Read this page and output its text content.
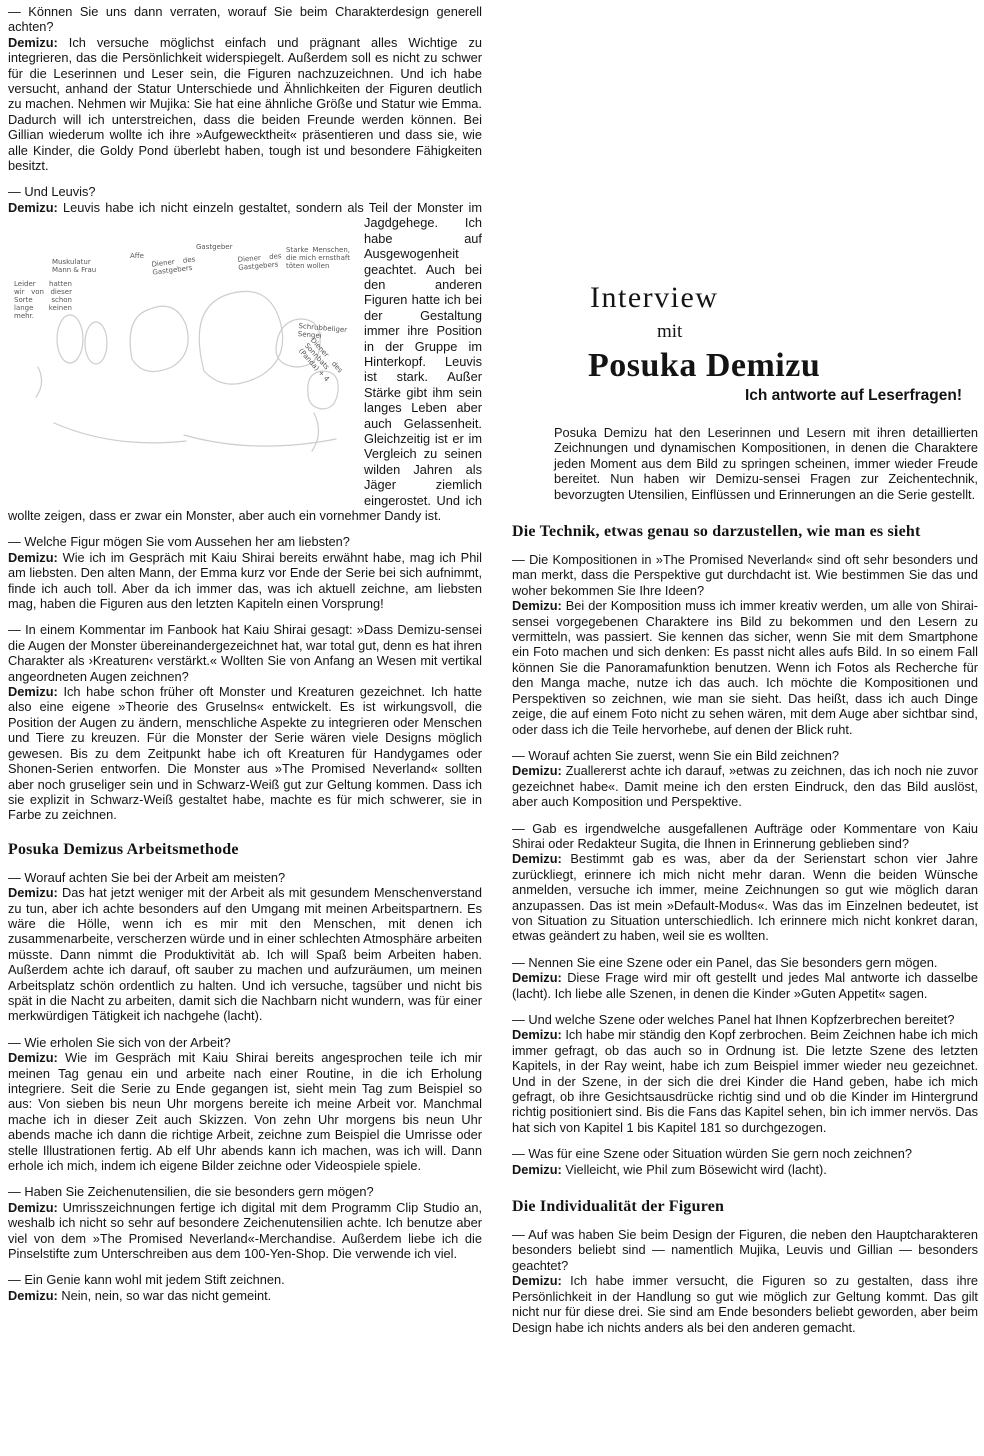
— Können Sie uns dann verraten, worauf Sie beim Charakterdesign generell achten?

Demizu: Ich versuche möglichst einfach und prägnant alles Wichtige zu integrieren, das die Persönlichkeit widerspiegelt. Außerdem soll es nicht zu schwer für die Leserinnen und Leser sein, die Figuren nachzuzeichnen. Und ich habe versucht, anhand der Statur Unterschiede und Ähnlichkeiten der Figuren deutlich zu machen. Nehmen wir Mujika: Sie hat eine ähnliche Größe und Statur wie Emma. Dadurch will ich unterstreichen, dass die beiden Freunde werden können. Bei Gillian wiederum wollte ich ihre »Aufgewecktheit« präsentieren und dass sie, wie alle Kinder, die Goldy Pond überlebt haben, tough ist und besondere Fähigkeiten besitzt.

— Und Leuvis?

Demizu: Leuvis habe ich nicht einzeln gestaltet, sondern als Teil der Monster
Leider hatten wir von dieser Sorte schon lange keinen mehr.
Muskulatur Mann & Frau
Affe	Diener des Gastgebers
Gastgeber
Diener des Gastgebers
Starke Menschen, die mich ernsthaft töten wollen
Schrubbeliger Sengei
Diener des Sonnbats (Panda) + 4
im Jagdgehege. Ich habe auf Ausgewogenheit geachtet. Auch bei den anderen Figuren hatte ich bei der Gestaltung immer ihre Position in der Gruppe im Hinterkopf. Leuvis ist stark. Außer Stärke gibt ihm sein langes Leben aber auch Gelassenheit. Gleichzeitig ist er im Vergleich zu seinen wilden Jahren als Jäger ziemlich eingerostet. Und ich wollte zeigen, dass er zwar ein Monster, aber auch ein vornehmer Dandy ist.

— Welche Figur mögen Sie vom Aussehen her am liebsten?

Demizu: Wie ich im Gespräch mit Kaiu Shirai bereits erwähnt habe, mag ich Phil am liebsten. Den alten Mann, der Emma kurz vor Ende der Serie bei sich aufnimmt, finde ich auch toll. Aber da ich immer das, was ich aktuell zeichne, am liebsten mag, haben die Figuren aus den letzten Kapiteln einen Vorsprung!

— In einem Kommentar im Fanbook hat Kaiu Shirai gesagt: »Dass Demizu-sensei die Augen der Monster übereinandergezeichnet hat, war total gut, denn es hat ihren Charakter als ›Kreaturen‹ verstärkt.« Wollten Sie von Anfang an Wesen mit vertikal angeordneten Augen zeichnen?

Demizu: Ich habe schon früher oft Monster und Kreaturen gezeichnet. Ich hatte also eine eigene »Theorie des Gruselns« entwickelt. Es ist wirkungsvoll, die Position der Augen zu ändern, menschliche Aspekte zu integrieren oder Menschen und Tiere zu kreuzen. Für die Monster der Serie wären viele Designs möglich gewesen. Bis zu dem Zeitpunkt habe ich oft Kreaturen für Handygames oder Shonen-Serien entworfen. Die Monster aus »The Promised Neverland« sollten aber noch gruseliger sein und in Schwarz-Weiß gut zur Geltung kommen. Dass ich sie explizit in Schwarz-Weiß gestaltet habe, machte es für mich schwerer, sie in Farbe zu zeichnen.

Posuka Demizus Arbeitsmethode

— Worauf achten Sie bei der Arbeit am meisten?

Demizu: Das hat jetzt weniger mit der Arbeit als mit gesundem Menschenverstand zu tun, aber ich achte besonders auf den Umgang mit meinen Arbeitspartnern. Es wäre die Hölle, wenn ich es mir mit den Menschen, mit denen ich zusammenarbeite, verscherzen würde und in einer schlechten Atmosphäre arbeiten müsste. Dann nimmt die Produktivität ab. Ich will Spaß beim Arbeiten haben. Außerdem achte ich darauf, oft sauber zu machen und aufzuräumen, um meinen Arbeitsplatz schön ordentlich zu halten. Und ich versuche, tagsüber und nicht bis spät in die Nacht zu arbeiten, damit sich die Nachbarn nicht wundern, was für einer merkwürdigen Tätigkeit ich nachgehe (lacht).

— Wie erholen Sie sich von der Arbeit?

Demizu: Wie im Gespräch mit Kaiu Shirai bereits angesprochen teile ich mir meinen Tag genau ein und arbeite nach einer Routine, in die ich Erholung integriere. Seit die Serie zu Ende gegangen ist, sieht mein Tag zum Beispiel so aus: Von sieben bis neun Uhr morgens bereite ich meine Arbeit vor. Manchmal mache ich in dieser Zeit auch Skizzen. Von zehn Uhr morgens bis neun Uhr abends mache ich dann die richtige Arbeit, zeichne zum Beispiel die Umrisse oder stelle Illustrationen fertig. Ab elf Uhr abends kann ich machen, was ich will. Dann erhole ich mich, indem ich eigene Bilder zeichne oder Videospiele spiele.

— Haben Sie Zeichenutensilien, die sie besonders gern mögen?

Demizu: Umrisszeichnungen fertige ich digital mit dem Programm Clip Studio an, weshalb ich nicht so sehr auf besondere Zeichenutensilien achte. Ich benutze aber viel von dem »The Promised Neverland«-Merchandise. Außerdem liebe ich die Pinselstifte zum Unterschreiben aus dem 100-Yen-Shop. Die verwende ich viel.

— Ein Genie kann wohl mit jedem Stift zeichnen.

Demizu: Nein, nein, so war das nicht gemeint.

Interview
mit
Posuka Demizu
Ich antworte auf Leserfragen!

Posuka Demizu hat den Leserinnen und Lesern mit ihren detaillierten Zeichnungen und dynamischen Kompositionen, in denen die Charaktere jeden Moment aus dem Bild zu springen scheinen, immer wieder Freude bereitet. Nun haben wir Demizu-sensei Fragen zur Zeichentechnik, bevorzugten Utensilien, Einflüssen und Erinnerungen an die Serie gestellt.

Die Technik, etwas genau so darzustellen, wie man es sieht

— Die Kompositionen in »The Promised Neverland« sind oft sehr besonders und man merkt, dass die Perspektive gut durchdacht ist. Wie bestimmen Sie das und woher bekommen Sie Ihre Ideen?

Demizu: Bei der Komposition muss ich immer kreativ werden, um alle von Shirai-sensei vorgegebenen Charaktere ins Bild zu bekommen und den Lesern zu vermitteln, was passiert. Sie kennen das sicher, wenn Sie mit dem Smartphone ein Foto machen und sich denken: Es passt nicht alles aufs Bild. In so einem Fall können Sie die Panoramafunktion benutzen. Wenn ich Fotos als Recherche für den Manga mache, nutze ich das auch. Ich möchte die Kompositionen und Perspektiven so zeichnen, wie man sie sieht. Das heißt, dass ich auch Dinge zeige, die auf einem Foto nicht zu sehen wären, mit dem Auge aber sichtbar sind, oder dass ich die Teile hervorhebe, auf denen der Blick ruht.

— Worauf achten Sie zuerst, wenn Sie ein Bild zeichnen?

Demizu: Zuallererst achte ich darauf, »etwas zu zeichnen, das ich noch nie zuvor gezeichnet habe«. Damit meine ich den ersten Eindruck, den das Bild auslöst, aber auch Komposition und Perspektive.

— Gab es irgendwelche ausgefallenen Aufträge oder Kommentare von Kaiu Shirai oder Redakteur Sugita, die Ihnen in Erinnerung geblieben sind?

Demizu: Bestimmt gab es was, aber da der Serienstart schon vier Jahre zurückliegt, erinnere ich mich nicht mehr daran. Wenn die beiden Wünsche anmelden, versuche ich immer, meine Zeichnungen so gut wie möglich daran anzupassen. Das ist mein »Default-Modus«. Was das im Einzelnen bedeutet, ist von Situation zu Situation unterschiedlich. Ich erinnere mich nicht konkret daran, etwas geändert zu haben, weil sie es wollten.

— Nennen Sie eine Szene oder ein Panel, das Sie besonders gern mögen.

Demizu: Diese Frage wird mir oft gestellt und jedes Mal antworte ich dasselbe (lacht). Ich liebe alle Szenen, in denen die Kinder »Guten Appetit« sagen.

— Und welche Szene oder welches Panel hat Ihnen Kopfzerbrechen bereitet?

Demizu: Ich habe mir ständig den Kopf zerbrochen. Beim Zeichnen habe ich mich immer gefragt, ob das auch so in Ordnung ist. Die letzte Szene des letzten Kapitels, in der Ray weint, habe ich zum Beispiel immer wieder neu gezeichnet. Und in der Szene, in der sich die drei Kinder die Hand geben, habe ich mich gefragt, ob ihre Gesichtsausdrücke richtig sind und ob die Kinder im Hintergrund richtig positioniert sind. Bis die Fans das Kapitel sehen, bin ich immer nervös. Das hat sich von Kapitel 1 bis Kapitel 181 so durchgezogen.

— Was für eine Szene oder Situation würden Sie gern noch zeichnen?

Demizu: Vielleicht, wie Phil zum Bösewicht wird (lacht).

Die Individualität der Figuren

— Auf was haben Sie beim Design der Figuren, die neben den Hauptcharakteren besonders beliebt sind — namentlich Mujika, Leuvis und Gillian — besonders geachtet?

Demizu: Ich habe immer versucht, die Figuren so zu gestalten, dass ihre Persönlichkeit in der Handlung so gut wie möglich zur Geltung kommt. Das gilt nicht nur für diese drei. Sie sind am Ende besonders beliebt geworden, aber beim Design habe ich nichts anders als bei den anderen gemacht.
